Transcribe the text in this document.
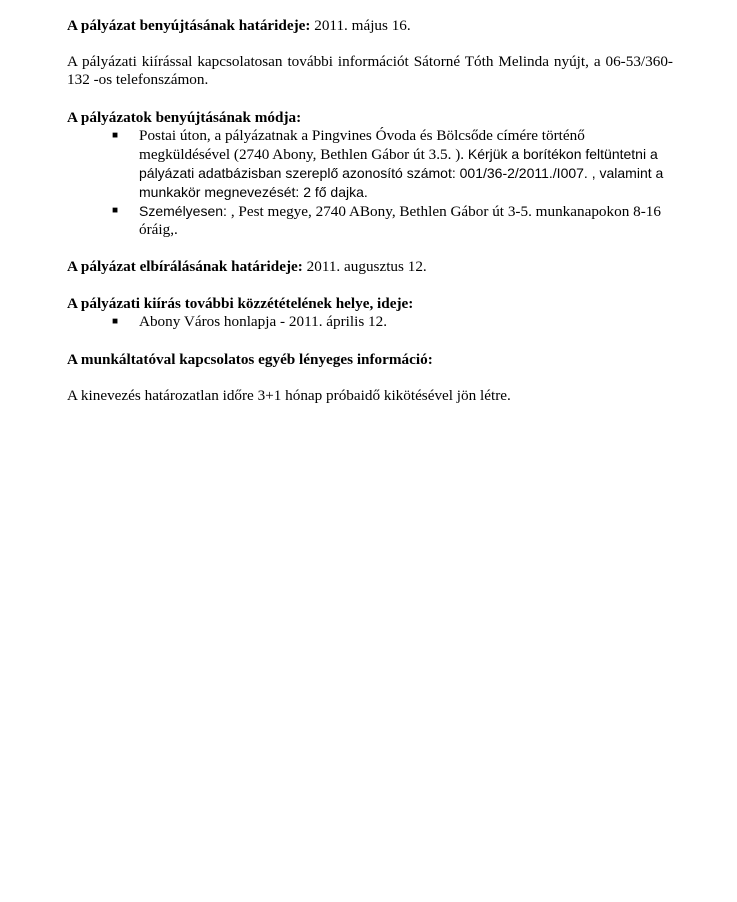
A pályázat benyújtásának határideje: 2011. május 16.
A pályázati kiírással kapcsolatosan további információt Sátorné Tóth Melinda nyújt, a 06-53/360-132 -os telefonszámon.
A pályázatok benyújtásának módja:
■ Postai úton, a pályázatnak a Pingvines Óvoda és Bölcsőde címére történő megküldésével (2740 Abony, Bethlen Gábor út 3.5. ). Kérjük a borítékon feltüntetni a pályázati adatbázisban szereplő azonosító számot: 001/36-2/2011./I007. , valamint a munkakör megnevezését: 2 fő dajka.
■ Személyesen: , Pest megye, 2740 ABony, Bethlen Gábor út 3-5. munkanapokon 8-16 óráig,.
A pályázat elbírálásának határideje: 2011. augusztus 12.
A pályázati kiírás további közzétételének helye, ideje:
■ Abony Város honlapja - 2011. április 12.
A munkáltatóval kapcsolatos egyéb lényeges információ:
A kinevezés határozatlan időre 3+1 hónap próbaidő kikötésével jön létre.
